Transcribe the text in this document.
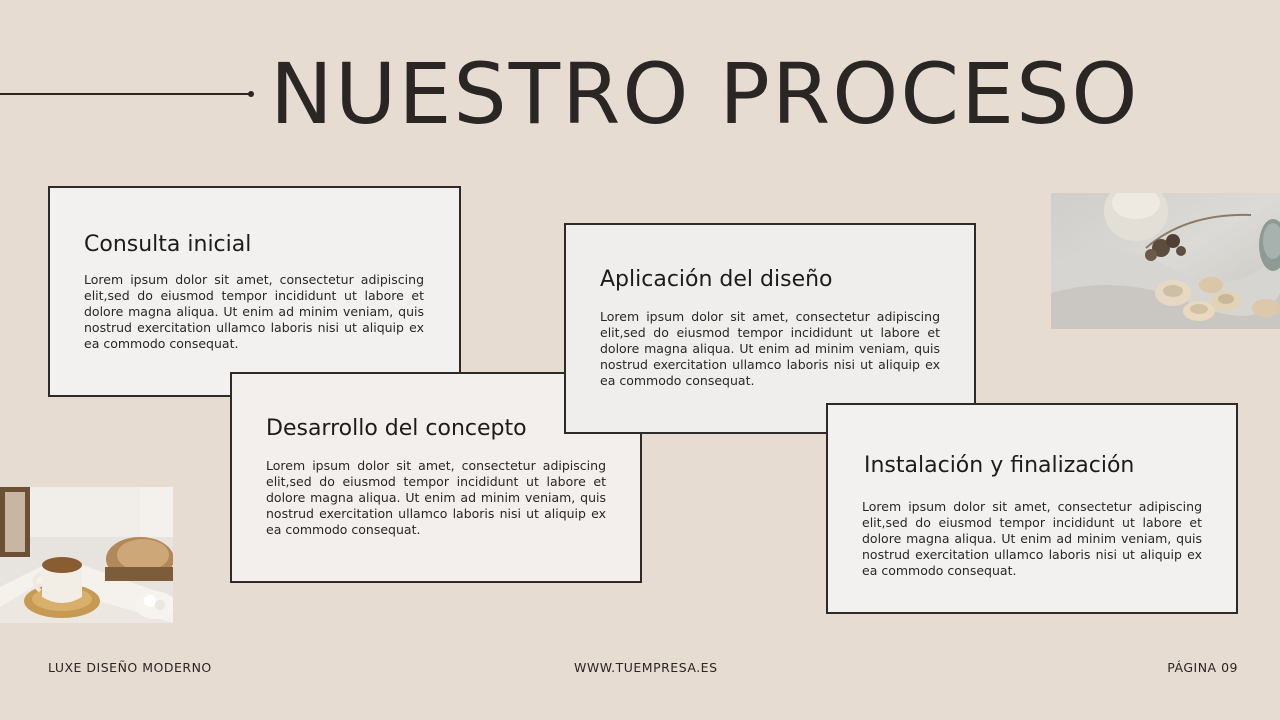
NUESTRO PROCESO
Consulta inicial

Lorem ipsum dolor sit amet, consectetur adipiscing elit,sed do eiusmod tempor incididunt ut labore et dolore magna aliqua. Ut enim ad minim veniam, quis nostrud exercitation ullamco laboris nisi ut aliquip ex ea commodo consequat.

Desarrollo del concepto

Lorem ipsum dolor sit amet, consectetur adipiscing elit,sed do eiusmod tempor incididunt ut labore et dolore magna aliqua. Ut enim ad minim veniam, quis nostrud exercitation ullamco laboris nisi ut aliquip ex ea commodo consequat.

Aplicación del diseño

Lorem ipsum dolor sit amet, consectetur adipiscing elit,sed do eiusmod tempor incididunt ut labore et dolore magna aliqua. Ut enim ad minim veniam, quis nostrud exercitation ullamco laboris nisi ut aliquip ex ea commodo consequat.

Instalación y finalización

Lorem ipsum dolor sit amet, consectetur adipiscing elit,sed do eiusmod tempor incididunt ut labore et dolore magna aliqua. Ut enim ad minim veniam, quis nostrud exercitation ullamco laboris nisi ut aliquip ex ea commodo consequat.

LUXE DISEÑO MODERNO	WWW.TUEMPRESA.ES	PÁGINA 09
